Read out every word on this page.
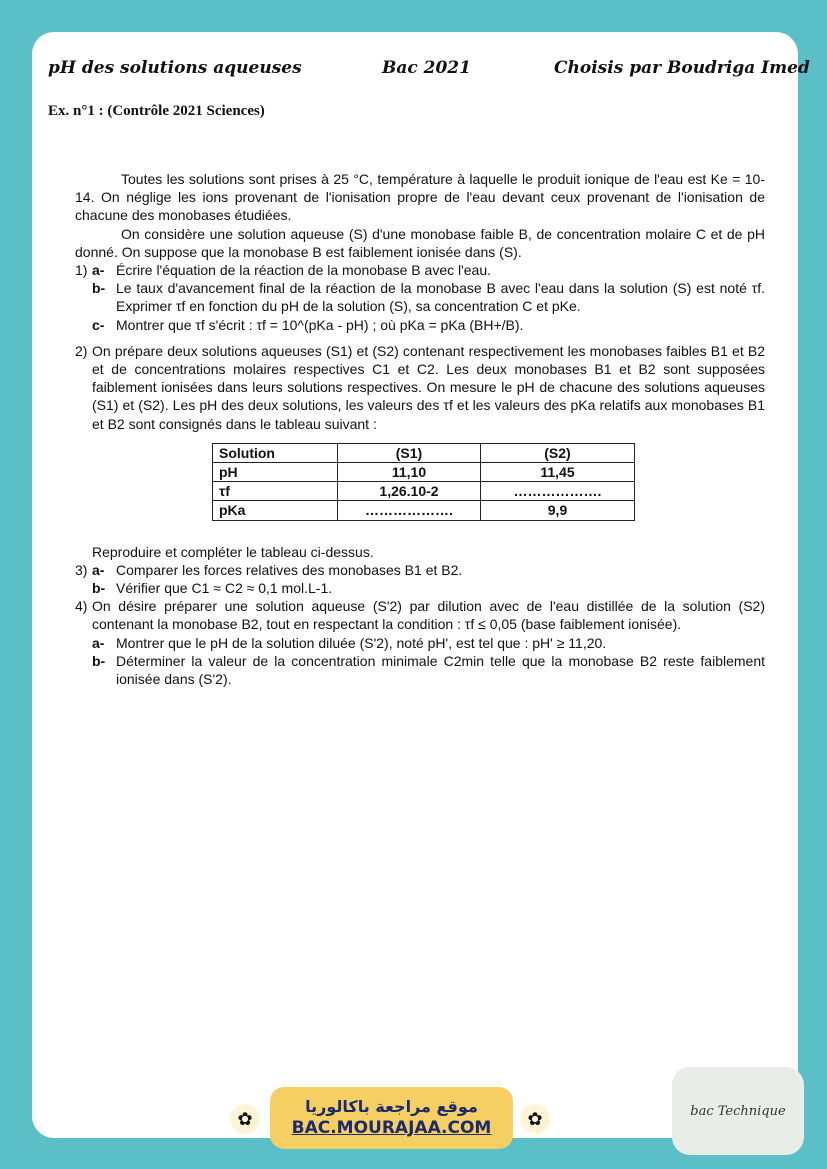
pH des solutions aqueuses	Bac 2021	Choisis par Boudriga Imed
Ex. n°1 : (Contrôle 2021 Sciences)

Toutes les solutions sont prises à 25 °C, température à laquelle le produit ionique de l'eau est Ke = 10-14. On néglige les ions provenant de l'ionisation propre de l'eau devant ceux provenant de l'ionisation de chacune des monobases étudiées.

On considère une solution aqueuse (S) d'une monobase faible B, de concentration molaire C et de pH donné. On suppose que la monobase B est faiblement ionisée dans (S).

1) a- Écrire l'équation de la réaction de la monobase B avec l'eau.
b- Le taux d'avancement final de la réaction de la monobase B avec l'eau dans la solution (S) est noté τf. Exprimer τf en fonction du pH de la solution (S), sa concentration C et pKe.
c- Montrer que τf s'écrit : τf = 10^(pKa - pH) ; où pKa = pKa (BH+/B).
2) On prépare deux solutions aqueuses (S1) et (S2) contenant respectivement les monobases faibles B1 et B2 et de concentrations molaires respectives C1 et C2. Les deux monobases B1 et B2 sont supposées faiblement ionisées dans leurs solutions respectives. On mesure le pH de chacune des solutions aqueuses (S1) et (S2). Les pH des deux solutions, les valeurs des τf et les valeurs des pKa relatifs aux monobases B1 et B2 sont consignés dans le tableau suivant :
Solution	(S1)	(S2)
pH	11,10	11,45
τf	1,26.10-2	……………….
pKa	……………….	9,9

Reproduire et compléter le tableau ci-dessus.

3) a- Comparer les forces relatives des monobases B1 et B2.
b- Vérifier que C1 ≈ C2 ≈ 0,1 mol.L-1.
4) On désire préparer une solution aqueuse (S'2) par dilution avec de l'eau distillée de la solution (S2) contenant la monobase B2, tout en respectant la condition : τf ≤ 0,05 (base faiblement ionisée).
a- Montrer que le pH de la solution diluée (S'2), noté pH', est tel que : pH' ≥ 11,20.
b- Déterminer la valeur de la concentration minimale C2min telle que la monobase B2 reste faiblement ionisée dans (S'2).
✿
موقع مراجعة باكالوريا
BAC.MOURAJAA.COM	✿	bac Technique
